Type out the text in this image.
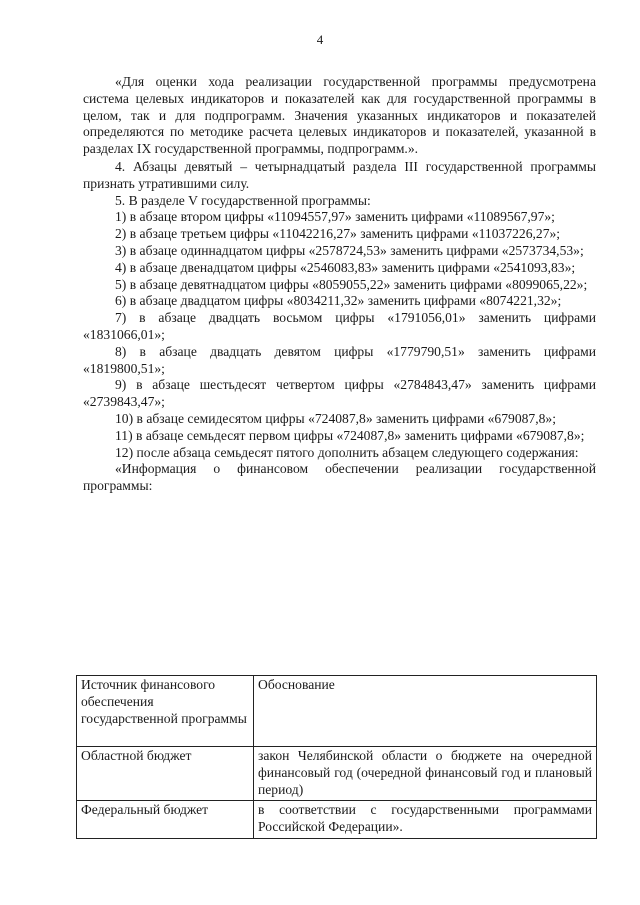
4

«Для оценки хода реализации государственной программы предусмотрена система целевых индикаторов и показателей как для государственной программы в целом, так и для подпрограмм. Значения указанных индикаторов и показателей определяются по методике расчета целевых индикаторов и показателей, указанной в разделах IX государственной программы, подпрограмм.».

4. Абзацы девятый – четырнадцатый раздела III государственной программы признать утратившими силу.

5. В разделе V государственной программы:

1) в абзаце втором цифры «11094557,97» заменить цифрами «11089567,97»;

2) в абзаце третьем цифры «11042216,27» заменить цифрами «11037226,27»;

3) в абзаце одиннадцатом цифры «2578724,53» заменить цифрами «2573734,53»;

4) в абзаце двенадцатом цифры «2546083,83» заменить цифрами «2541093,83»;

5) в абзаце девятнадцатом цифры «8059055,22» заменить цифрами «8099065,22»;

6) в абзаце двадцатом цифры «8034211,32» заменить цифрами «8074221,32»;

7) в абзаце двадцать восьмом цифры «1791056,01» заменить цифрами «1831066,01»;

8) в абзаце двадцать девятом цифры «1779790,51» заменить цифрами «1819800,51»;

9) в абзаце шестьдесят четвертом цифры «2784843,47» заменить цифрами «2739843,47»;

10) в абзаце семидесятом цифры «724087,8» заменить цифрами «679087,8»;

11) в абзаце семьдесят первом цифры «724087,8» заменить цифрами «679087,8»;

12) после абзаца семьдесят пятого дополнить абзацем следующего содержания:

«Информация о финансовом обеспечении реализации государственной программы:

Источник финансового обеспечения государственной программы	Обоснование
Областной бюджет	закон Челябинской области о бюджете на очередной финансовый год (очередной финансовый год и плановый период)
Федеральный бюджет	в соответствии с государственными программами Российской Федерации».
